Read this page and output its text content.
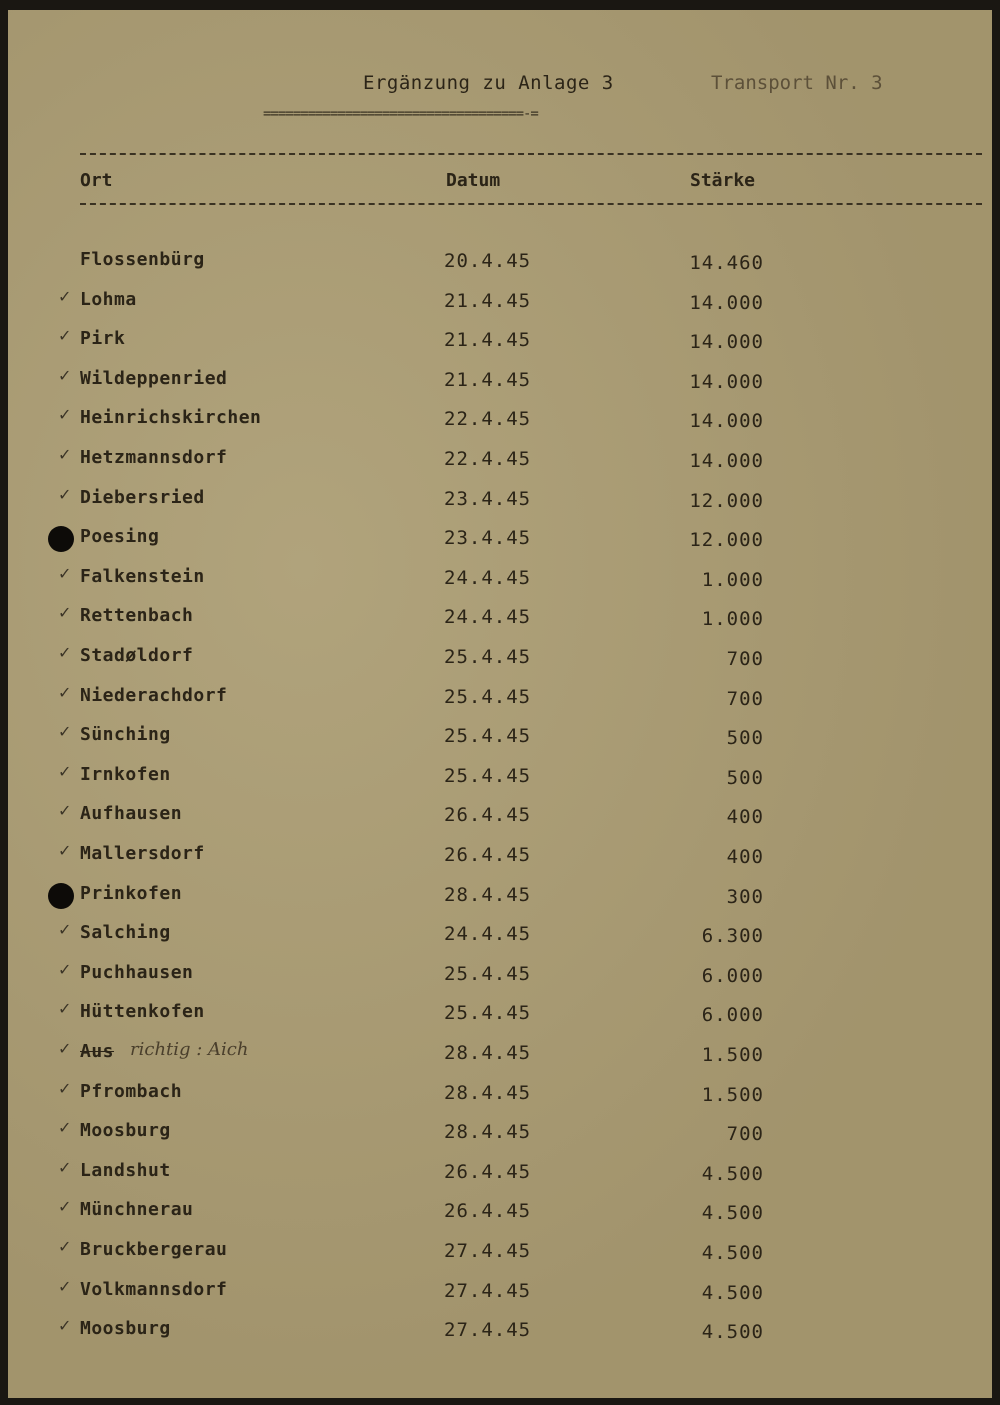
Ergänzung zu Anlage 3
===================================-=
Transport Nr. 3
Ort	Datum	Stärke
Flossenbürg	20.4.45	14.460
✓ Lohma	21.4.45	14.000
✓ Pirk	21.4.45	14.000
✓ Wildeppenried	21.4.45	14.000
✓ Heinrichskirchen	22.4.45	14.000
✓ Hetzmannsdorf	22.4.45	14.000
✓ Diebersried	23.4.45	12.000
Poesing	23.4.45	12.000
✓ Falkenstein	24.4.45	1.000
✓ Rettenbach	24.4.45	1.000
✓ Stadøldorf	25.4.45	700
✓ Niederachdorf	25.4.45	700
✓ Sünching	25.4.45	500
✓ Irnkofen	25.4.45	500
✓ Aufhausen	26.4.45	400
✓ Mallersdorf	26.4.45	400
Prinkofen	28.4.45	300
✓ Salching	24.4.45	6.300
✓ Puchhausen	25.4.45	6.000
✓ Hüttenkofen	25.4.45	6.000
✓ Aus richtig : Aich	28.4.45	1.500
✓ Pfrombach	28.4.45	1.500
✓ Moosburg	28.4.45	700
✓ Landshut	26.4.45	4.500
✓ Münchnerau	26.4.45	4.500
✓ Bruckbergerau	27.4.45	4.500
✓ Volkmannsdorf	27.4.45	4.500
✓ Moosburg	27.4.45	4.500
